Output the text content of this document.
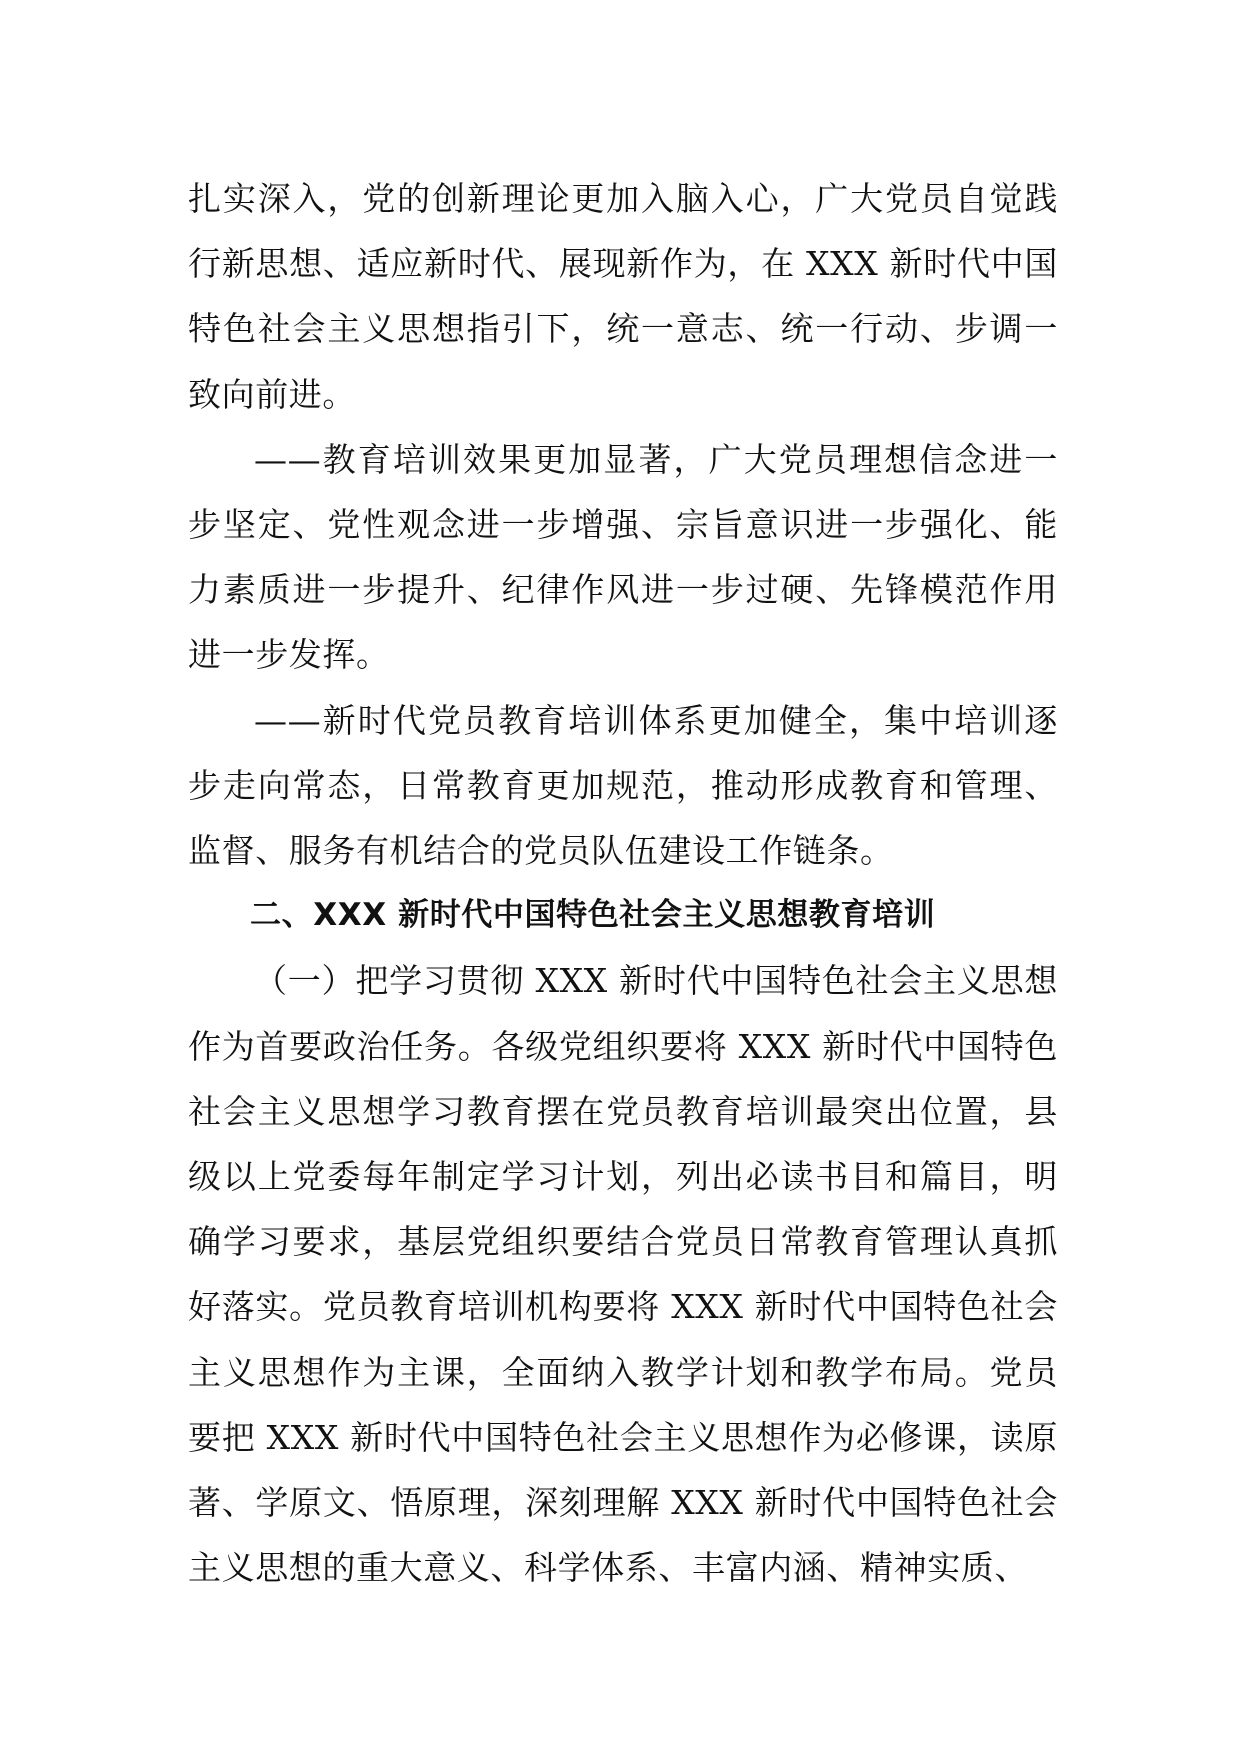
扎实深入，党的创新理论更加入脑入心，广大党员自觉践行新思想、适应新时代、展现新作为，在 XXX 新时代中国特色社会主义思想指引下，统一意志、统一行动、步调一致向前进。

——教育培训效果更加显著，广大党员理想信念进一步坚定、党性观念进一步增强、宗旨意识进一步强化、能力素质进一步提升、纪律作风进一步过硬、先锋模范作用进一步发挥。

——新时代党员教育培训体系更加健全，集中培训逐步走向常态，日常教育更加规范，推动形成教育和管理、监督、服务有机结合的党员队伍建设工作链条。

二、XXX 新时代中国特色社会主义思想教育培训

（一）把学习贯彻 XXX 新时代中国特色社会主义思想作为首要政治任务。各级党组织要将 XXX 新时代中国特色社会主义思想学习教育摆在党员教育培训最突出位置，县级以上党委每年制定学习计划，列出必读书目和篇目，明确学习要求，基层党组织要结合党员日常教育管理认真抓好落实。党员教育培训机构要将 XXX 新时代中国特色社会主义思想作为主课，全面纳入教学计划和教学布局。党员要把 XXX 新时代中国特色社会主义思想作为必修课，读原著、学原文、悟原理，深刻理解 XXX 新时代中国特色社会主义思想的重大意义、科学体系、丰富内涵、精神实质、
